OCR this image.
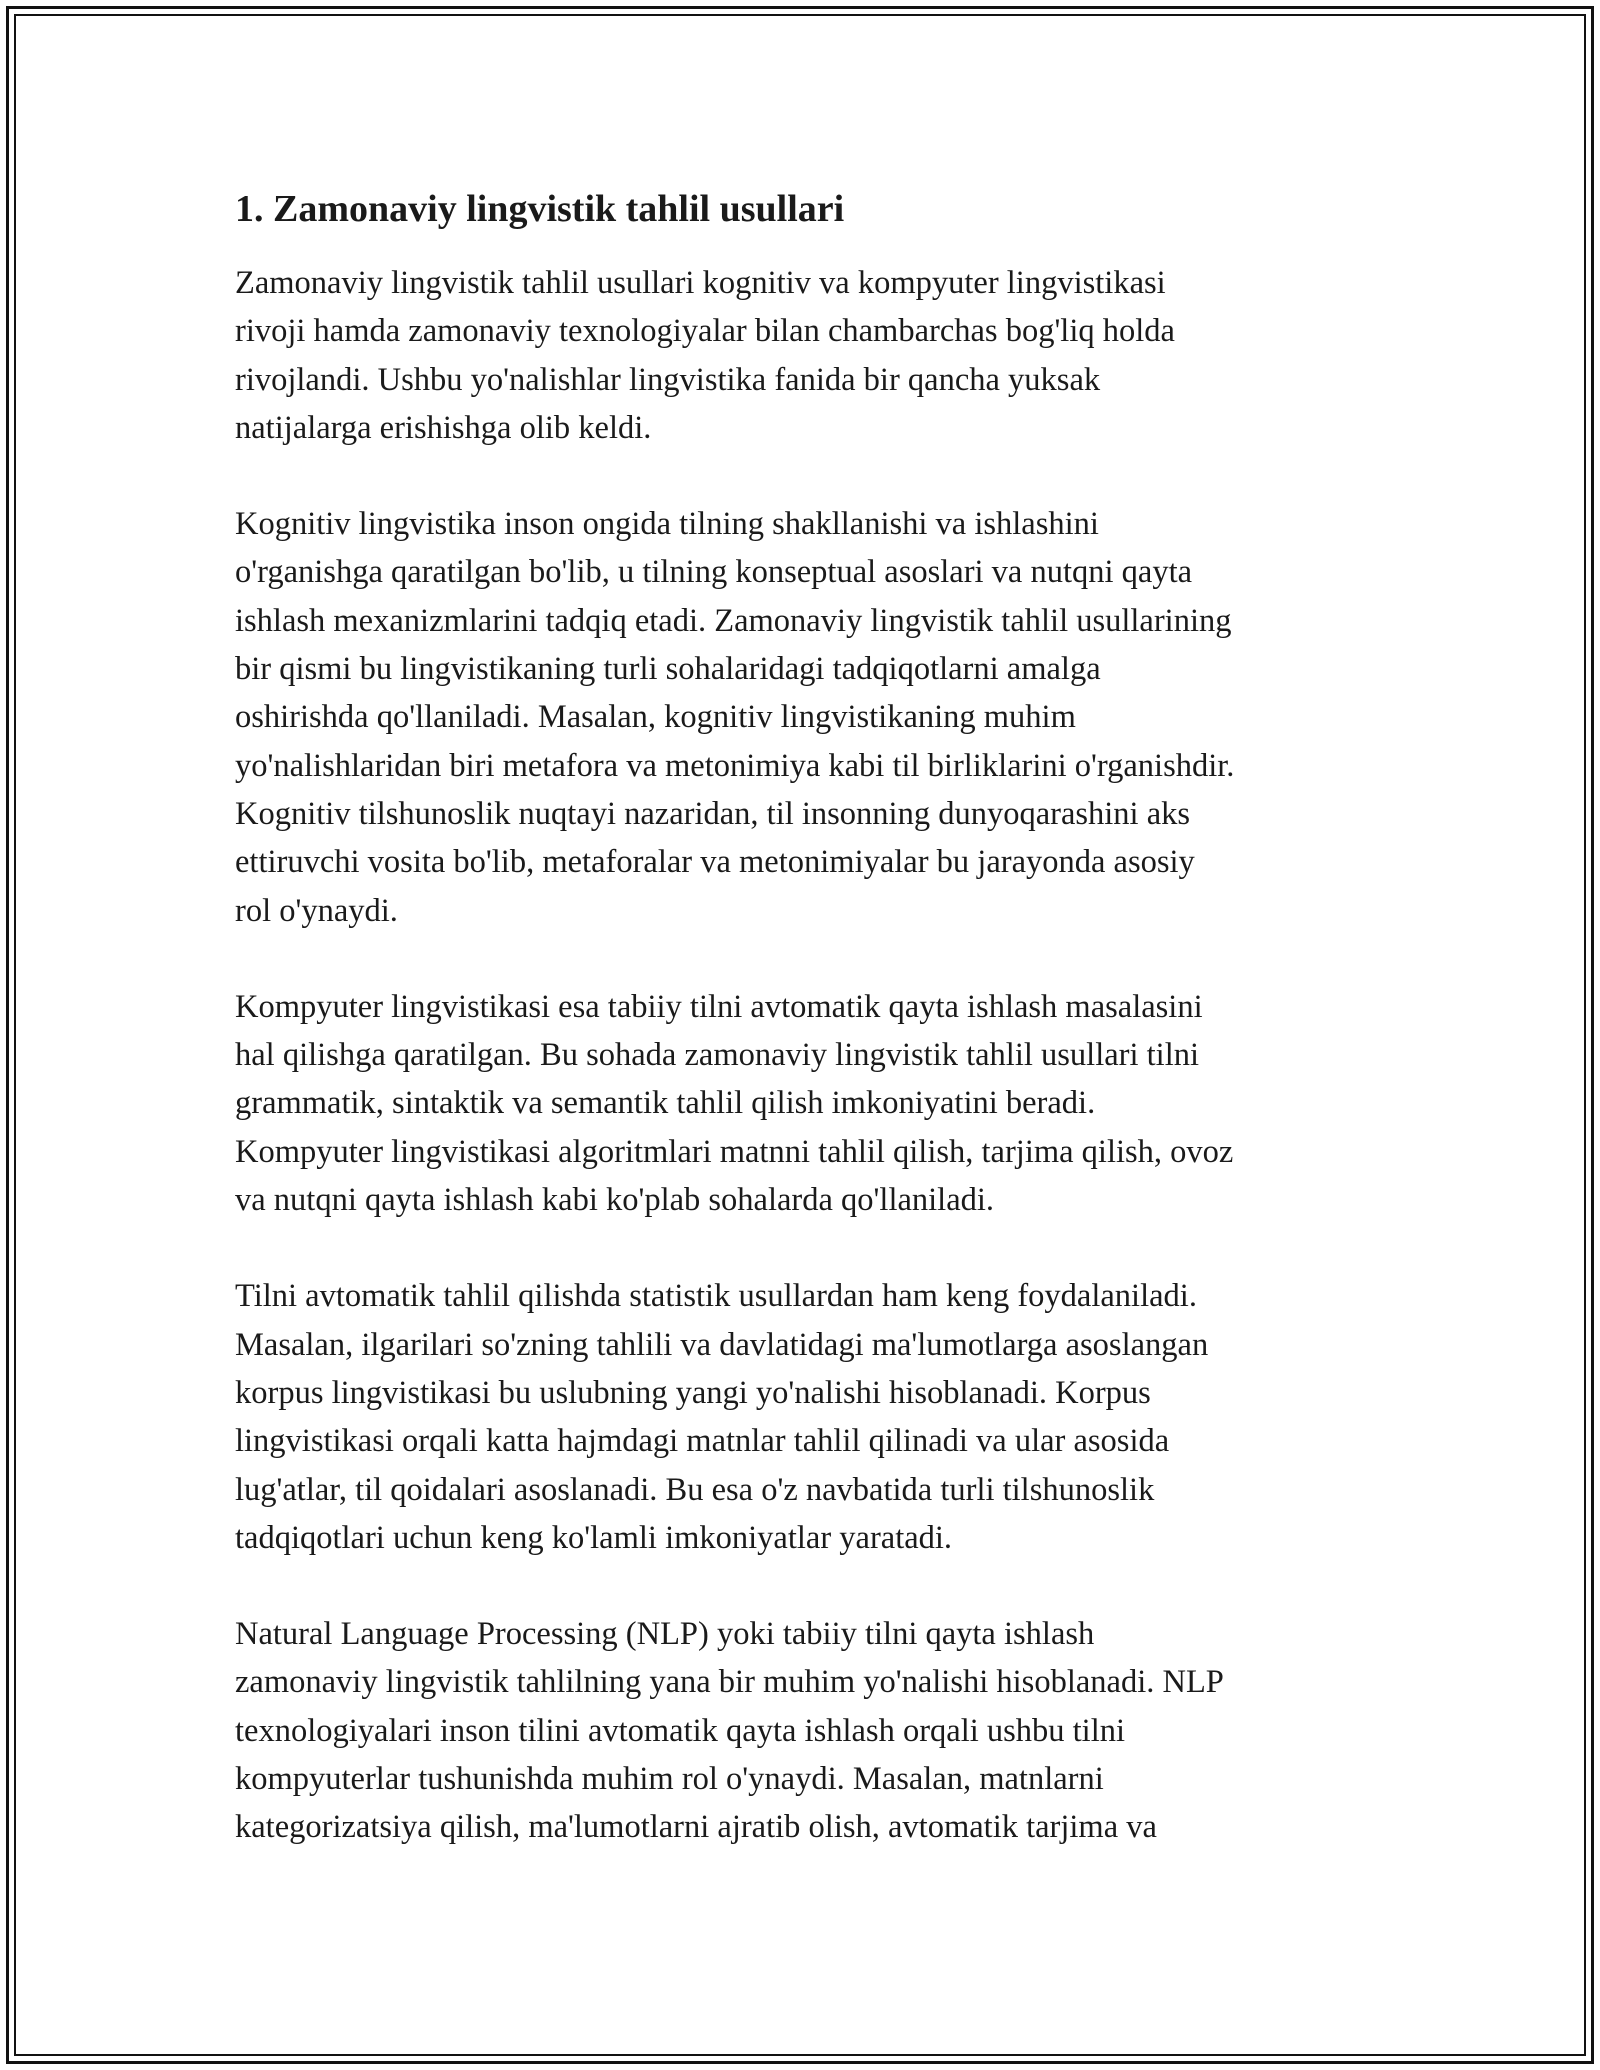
1. Zamonaviy lingvistik tahlil usullari

Zamonaviy lingvistik tahlil usullari kognitiv va kompyuter lingvistikasi
rivoji hamda zamonaviy texnologiyalar bilan chambarchas bog'liq holda
rivojlandi. Ushbu yo'nalishlar lingvistika fanida bir qancha yuksak
natijalarga erishishga olib keldi.

Kognitiv lingvistika inson ongida tilning shakllanishi va ishlashini
o'rganishga qaratilgan bo'lib, u tilning konseptual asoslari va nutqni qayta
ishlash mexanizmlarini tadqiq etadi. Zamonaviy lingvistik tahlil usullarining
bir qismi bu lingvistikaning turli sohalaridagi tadqiqotlarni amalga
oshirishda qo'llaniladi. Masalan, kognitiv lingvistikaning muhim
yo'nalishlaridan biri metafora va metonimiya kabi til birliklarini o'rganishdir.
Kognitiv tilshunoslik nuqtayi nazaridan, til insonning dunyoqarashini aks
ettiruvchi vosita bo'lib, metaforalar va metonimiyalar bu jarayonda asosiy
rol o'ynaydi.

Kompyuter lingvistikasi esa tabiiy tilni avtomatik qayta ishlash masalasini
hal qilishga qaratilgan. Bu sohada zamonaviy lingvistik tahlil usullari tilni
grammatik, sintaktik va semantik tahlil qilish imkoniyatini beradi.
Kompyuter lingvistikasi algoritmlari matnni tahlil qilish, tarjima qilish, ovoz
va nutqni qayta ishlash kabi ko'plab sohalarda qo'llaniladi.

Tilni avtomatik tahlil qilishda statistik usullardan ham keng foydalaniladi.
Masalan, ilgarilari so'zning tahlili va davlatidagi ma'lumotlarga asoslangan
korpus lingvistikasi bu uslubning yangi yo'nalishi hisoblanadi. Korpus
lingvistikasi orqali katta hajmdagi matnlar tahlil qilinadi va ular asosida
lug'atlar, til qoidalari asoslanadi. Bu esa o'z navbatida turli tilshunoslik
tadqiqotlari uchun keng ko'lamli imkoniyatlar yaratadi.

Natural Language Processing (NLP) yoki tabiiy tilni qayta ishlash
zamonaviy lingvistik tahlilning yana bir muhim yo'nalishi hisoblanadi. NLP
texnologiyalari inson tilini avtomatik qayta ishlash orqali ushbu tilni
kompyuterlar tushunishda muhim rol o'ynaydi. Masalan, matnlarni
kategorizatsiya qilish, ma'lumotlarni ajratib olish, avtomatik tarjima va
